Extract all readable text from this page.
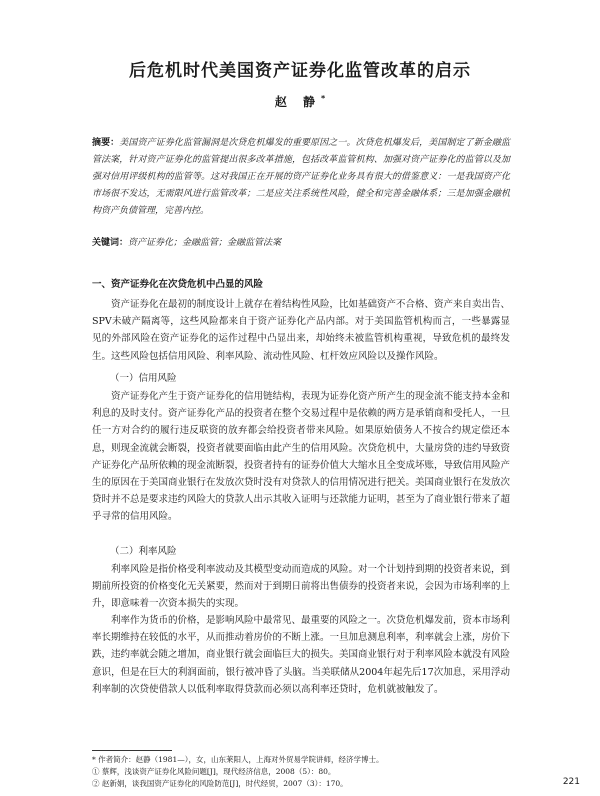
后危机时代美国资产证券化监管改革的启示
赵 静*
摘要：美国资产证券化监管漏洞是次贷危机爆发的重要原因之一。次贷危机爆发后，美国制定了新金融监管法案，针对资产证券化的监管提出很多改革措施，包括改革监管机构、加强对资产证券化的监管以及加强对信用评级机构的监管等。这对我国正在开展的资产证券化业务具有很大的借鉴意义：一是我国资产化市场很不发达，无需限风进行监管改革；二是应关注系统性风险，健全和完善金融体系；三是加强金融机构资产负债管理，完善内控。
关键词：资产证券化；金融监管；金融监管法案
一、资产证券化在次贷危机中凸显的风险
资产证券化在最初的制度设计上就存在着结构性风险，比如基础资产不合格、资产来自卖出告、SPV未破产隔离等，这些风险都来自于资产证券化产品内部。对于美国监管机构而言，一些暴露显见的外部风险在资产证券化的运作过程中凸显出来，却始终未被监管机构重视，导致危机的最终发生。这些风险包括信用风险、利率风险、流动性风险、杠杆效应风险以及操作风险。
（一）信用风险
资产证券化产生于资产证券化的信用链结构，表现为证券化资产所产生的现金流不能支持本金和利息的及时支付。资产证券化产品的投资者在整个交易过程中是依赖的两方是承销商和受托人，一旦任一方对合约的履行违反联资的放弃都会给投资者带来风险。如果原始债务人不按合约规定偿还本息，则现金流就会断裂，投资者就要面临由此产生的信用风险。次贷危机中，大量房贷的违约导致资产证券化产品所依赖的现金流断裂，投资者持有的证券价值大大缩水且全变成坏账，导致信用风险产生的原因在于美国商业银行在发放次贷时没有对贷款人的信用情况进行把关。美国商业银行在发放次贷时并不总是要求违约风险大的贷款人出示其收入证明与还款能力证明，甚至为了商业银行带来了超乎寻常的信用风险。
（二）利率风险
利率风险是指价格受利率波动及其模型变动而造成的风险。对一个计划持到期的投资者来说，到期前所投资的价格变化无关紧要，然而对于到期日前将出售债券的投资者来说，会因为市场利率的上升，即意味着一次资本损失的实现。
利率作为货币的价格，是影响风险中最常见、最重要的风险之一。次贷危机爆发前，资本市场利率长期维持在较低的水平，从而推动着房价的不断上涨。一旦加息测息利率，利率就会上涨，房价下跌，违约率就会随之增加，商业银行就会面临巨大的损失。美国商业银行对于利率风险本就没有风险意识，但是在巨大的利润面前，银行被冲昏了头脑。当美联储从2004年起先后17次加息，采用浮动利率制的次贷使借款人以低利率取得贷款而必须以高利率还贷时，危机就被触发了。
* 作者简介：赵静（1981—），女，山东莱阳人，上海对外贸易学院讲师，经济学博士。
① 蔡辉，浅谈资产证券化风险问题[J]，现代经济信息，2008（5）：80。
② 赵新娟，谈我国资产证券化的风险防范[J]，时代经贸，2007（3）：170。	221
